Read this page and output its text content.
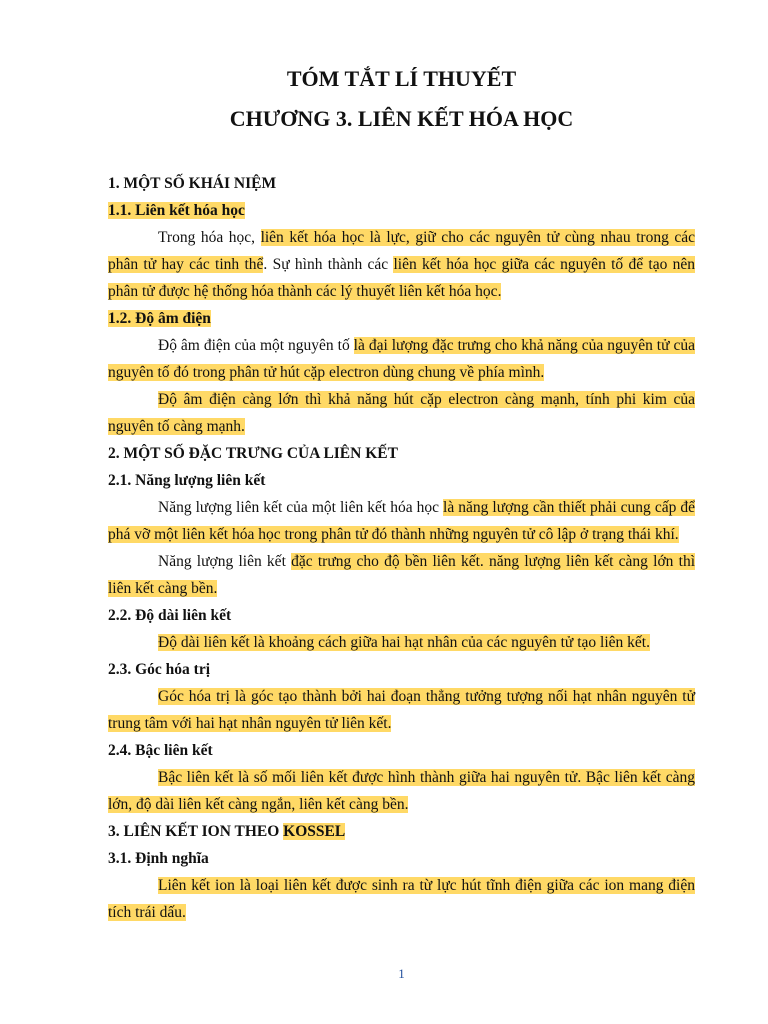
TÓM TẮT LÍ THUYẾT
CHƯƠNG 3. LIÊN KẾT HÓA HỌC

1. MỘT SỐ KHÁI NIỆM

1.1. Liên kết hóa học

Trong hóa học, liên kết hóa học là lực, giữ cho các nguyên tử cùng nhau trong các phân tử hay các tinh thể. Sự hình thành các liên kết hóa học giữa các nguyên tố để tạo nên phân tử được hệ thống hóa thành các lý thuyết liên kết hóa học.

1.2. Độ âm điện

Độ âm điện của một nguyên tố là đại lượng đặc trưng cho khả năng của nguyên tử của nguyên tố đó trong phân tử hút cặp electron dùng chung về phía mình.

Độ âm điện càng lớn thì khả năng hút cặp electron càng mạnh, tính phi kim của nguyên tố càng mạnh.

2. MỘT SỐ ĐẶC TRƯNG CỦA LIÊN KẾT

2.1. Năng lượng liên kết

Năng lượng liên kết của một liên kết hóa học là năng lượng cần thiết phải cung cấp để phá vỡ một liên kết hóa học trong phân tử đó thành những nguyên tử cô lập ở trạng thái khí.

Năng lượng liên kết đặc trưng cho độ bền liên kết. năng lượng liên kết càng lớn thì liên kết càng bền.

2.2. Độ dài liên kết

Độ dài liên kết là khoảng cách giữa hai hạt nhân của các nguyên tử tạo liên kết.

2.3. Góc hóa trị

Góc hóa trị là góc tạo thành bởi hai đoạn thẳng tưởng tượng nối hạt nhân nguyên tử trung tâm với hai hạt nhân nguyên tử liên kết.

2.4. Bậc liên kết

Bậc liên kết là số mối liên kết được hình thành giữa hai nguyên tử. Bậc liên kết càng lớn, độ dài liên kết càng ngắn, liên kết càng bền.

3. LIÊN KẾT ION THEO KOSSEL

3.1. Định nghĩa

Liên kết ion là loại liên kết được sinh ra từ lực hút tĩnh điện giữa các ion mang điện tích trái dấu.

1
